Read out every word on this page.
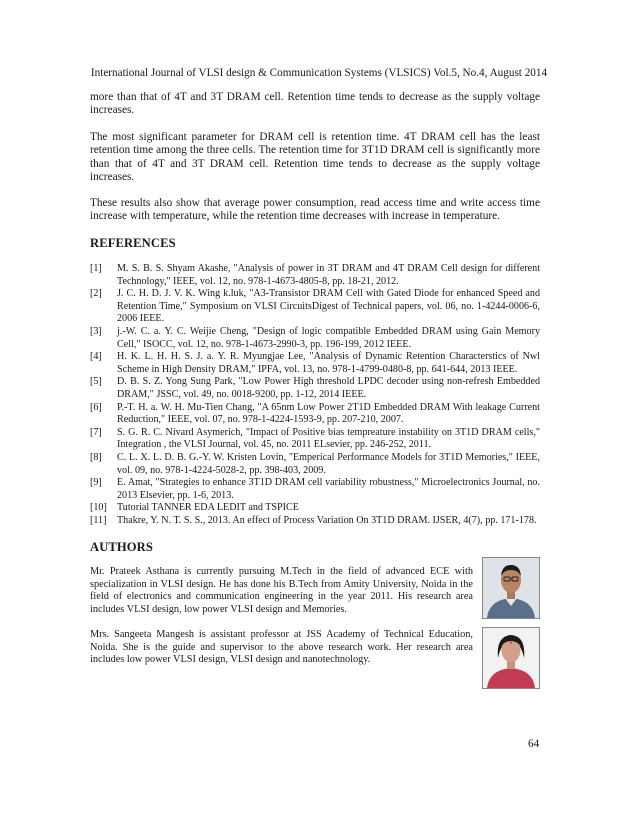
International Journal of VLSI design & Communication Systems (VLSICS) Vol.5, No.4, August 2014
more than that of 4T and 3T DRAM cell. Retention time tends to decrease as the supply voltage increases.
The most significant parameter for DRAM cell is retention time. 4T DRAM cell has the least retention time among the three cells. The retention time for 3T1D DRAM cell is significantly more than that of 4T and 3T DRAM cell. Retention time tends to decrease as the supply voltage increases.
These results also show that average power consumption, read access time and write access time increase with temperature, while the retention time decreases with increase in temperature.
REFERENCES
[1] M. S. B. S. Shyam Akashe, "Analysis of power in 3T DRAM and 4T DRAM Cell design for different Technology," IEEE, vol. 12, no. 978-1-4673-4805-8, pp. 18-21, 2012.
[2] J. C. H. D. J. V. K. Wing k.luk, "A3-Transistor DRAM Cell with Gated Diode for enhanced Speed and Retention Time," Symposium on VLSI CircuitsDigest of Technical papers, vol. 06, no. 1-4244-0006-6, 2006 IEEE.
[3] j.-W. C. a. Y. C. Weijie Cheng, "Design of logic compatible Embedded DRAM using Gain Memory Cell," ISOCC, vol. 12, no. 978-1-4673-2990-3, pp. 196-199, 2012 IEEE.
[4] H. K. L. H. H. S. J. a. Y. R. Myungjae Lee, "Analysis of Dynamic Retention Characterstics of Nwl Scheme in High Density DRAM," IPFA, vol. 13, no. 978-1-4799-0480-8, pp. 641-644, 2013 IEEE.
[5] D. B. S. Z. Yong Sung Park, "Low Power High threshold LPDC decoder using non-refresh Embedded DRAM," JSSC, vol. 49, no. 0018-9200, pp. 1-12, 2014 IEEE.
[6] P.-T. H. a. W. H. Mu-Tien Chang, "A 65nm Low Power 2T1D Embedded DRAM With leakage Current Reduction," IEEE, vol. 07, no. 978-1-4224-1593-9, pp. 207-210, 2007.
[7] S. G. R. C. Nivard Asymerich, "Impact of Positive bias tempreature instability on 3T1D DRAM cells," Integration , the VLSI Journal, vol. 45, no. 2011 ELsevier, pp. 246-252, 2011.
[8] C. L. X. L. D. B. G.-Y. W. Kristen Lovin, "Emperical Performance Models for 3T1D Memories," IEEE, vol. 09, no. 978-1-4224-5028-2, pp. 398-403, 2009.
[9] E. Amat, "Strategies to enhance 3T1D DRAM cell variability robustness," Microelectronics Journal, no. 2013 Elsevier, pp. 1-6, 2013.
[10] Tutorial TANNER EDA LEDIT and TSPICE
[11] Thakre, Y. N. T. S. S., 2013. An effect of Process Variation On 3T1D DRAM. IJSER, 4(7), pp. 171-178.
AUTHORS
Mr. Prateek Asthana is currently pursuing M.Tech in the field of advanced ECE with specialization in VLSI design. He has done his B.Tech from Amity University, Noida in the field of electronics and communication engineering in the year 2011. His research area includes VLSI design, low power VLSI design and Memories.
Mrs. Sangeeta Mangesh is assistant professor at JSS Academy of Technical Education, Noida. She is the guide and supervisor to the above research work. Her research area includes low power VLSI design, VLSI design and nanotechnology.
64
